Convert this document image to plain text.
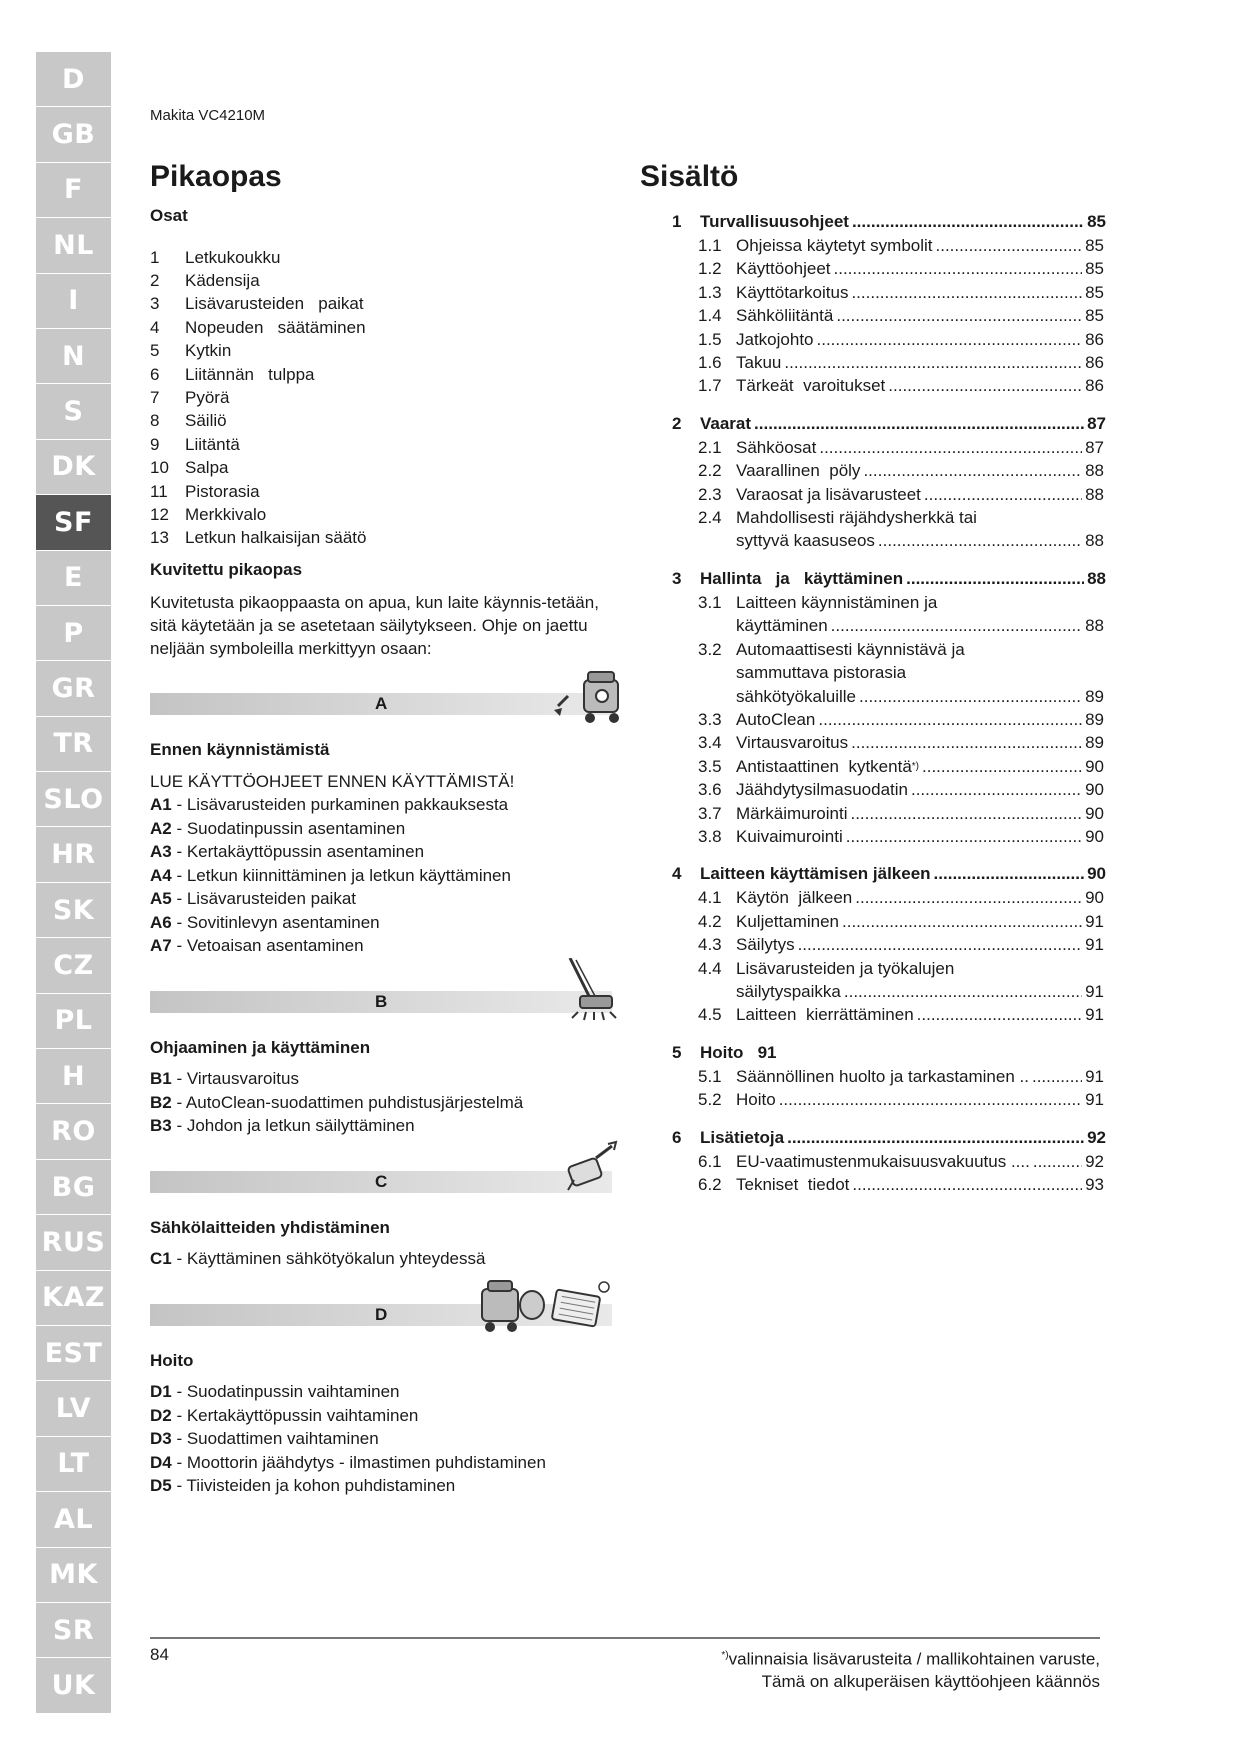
D
GB
F
NL
I
N
S
DK
SF
E
P
GR
TR
SLO
HR
SK
CZ
PL
H
RO
BG
RUS
KAZ
EST
LV
LT
AL
MK
SR
UK
Makita VC4210M
Pikaopas	Sisältö

Osat

1	Letkukoukku
2	Kädensija
3	Lisävarusteiden   paikat
4	Nopeuden   säätäminen
5	Kytkin
6	Liitännän   tulppa
7	Pyörä
8	Säiliö
9	Liitäntä
10 Salpa
11	Pistorasia
12 Merkkivalo
13 Letkun halkaisijan säätö

Kuvitettu pikaopas

Kuvitetusta pikaoppaasta on apua, kun laite käynnis-tetään, sitä käytetään ja se asetetaan säilytykseen. Ohje on jaettu neljään symboleilla merkittyyn osaan:
A

Ennen käynnistämistä

LUE KÄYTTÖOHJEET ENNEN KÄYTTÄMISTÄ!
A1 - Lisävarusteiden purkaminen pakkauksesta
A2 - Suodatinpussin asentaminen
A3 - Kertakäyttöpussin asentaminen
A4 - Letkun kiinnittäminen ja letkun käyttäminen
A5 - Lisävarusteiden paikat
A6 - Sovitinlevyn asentaminen
A7 - Vetoaisan asentaminen
B

Ohjaaminen ja käyttäminen

B1 - Virtausvaroitus
B2 - AutoClean-suodattimen puhdistusjärjestelmä
B3 - Johdon ja letkun säilyttäminen
C

Sähkölaitteiden yhdistäminen

C1 - Käyttäminen sähkötyökalun yhteydessä
D

Hoito

D1 - Suodatinpussin vaihtaminen
D2 - Kertakäyttöpussin vaihtaminen
D3 - Suodattimen vaihtaminen
D4 - Moottorin jäähdytys - ilmastimen puhdistaminen
D5 - Tiivisteiden ja kohon puhdistaminen
1	Turvallisuusohjeet .....	85
1.1 Ohjeissa käytetyt symbolit .....	85
1.2 Käyttöohjeet .....	85
1.3 Käyttötarkoitus .....	85
1.4 Sähköliitäntä .....	85
1.5 Jatkojohto .....	86
1.6 Takuu .....	86
1.7 Tärkeät  varoitukset .....	86
2	Vaarat .....	87
2.1 Sähköosat .....	87
2.2 Vaarallinen  pöly .....	88
2.3 Varaosat ja lisävarusteet .....	88
2.4 Mahdollisesti räjähdysherkkä tai
syttyvä kaasuseos .....	88
3	Hallinta   ja   käyttäminen .....	88
3.1 Laitteen käynnistäminen ja
käyttäminen .....	88
3.2 Automaattisesti käynnistävä ja
sammuttava pistorasia
sähkötyökaluille .....	89
3.3 AutoClean .....	89
3.4 Virtausvaroitus .....	89
3.5 Antistaattinen  kytkentä *) .....	90
3.6 Jäähdytysilmasuodatin .....	90
3.7 Märkäimurointi .....	90
3.8 Kuivaimurointi .....	90
4	Laitteen käyttämisen jälkeen .....	90
4.1 Käytön  jälkeen .....	90
4.2 Kuljettaminen .....	91
4.3 Säilytys .....	91
4.4 Lisävarusteiden ja työkalujen
säilytyspaikka .....	91
4.5 Laitteen  kierrättäminen .....	91
5	Hoito   91
5.1 Säännöllinen huolto ja tarkastaminen .. .....	91
5.2 Hoito .....	91
6	Lisätietoja .....	92
6.1 EU-vaatimustenmukaisuusvakuutus .... .....	92
6.2 Tekniset  tiedot .....	93
84	*)valinnaisia lisävarusteita / mallikohtainen varuste,
Tämä on alkuperäisen käyttöohjeen käännös
